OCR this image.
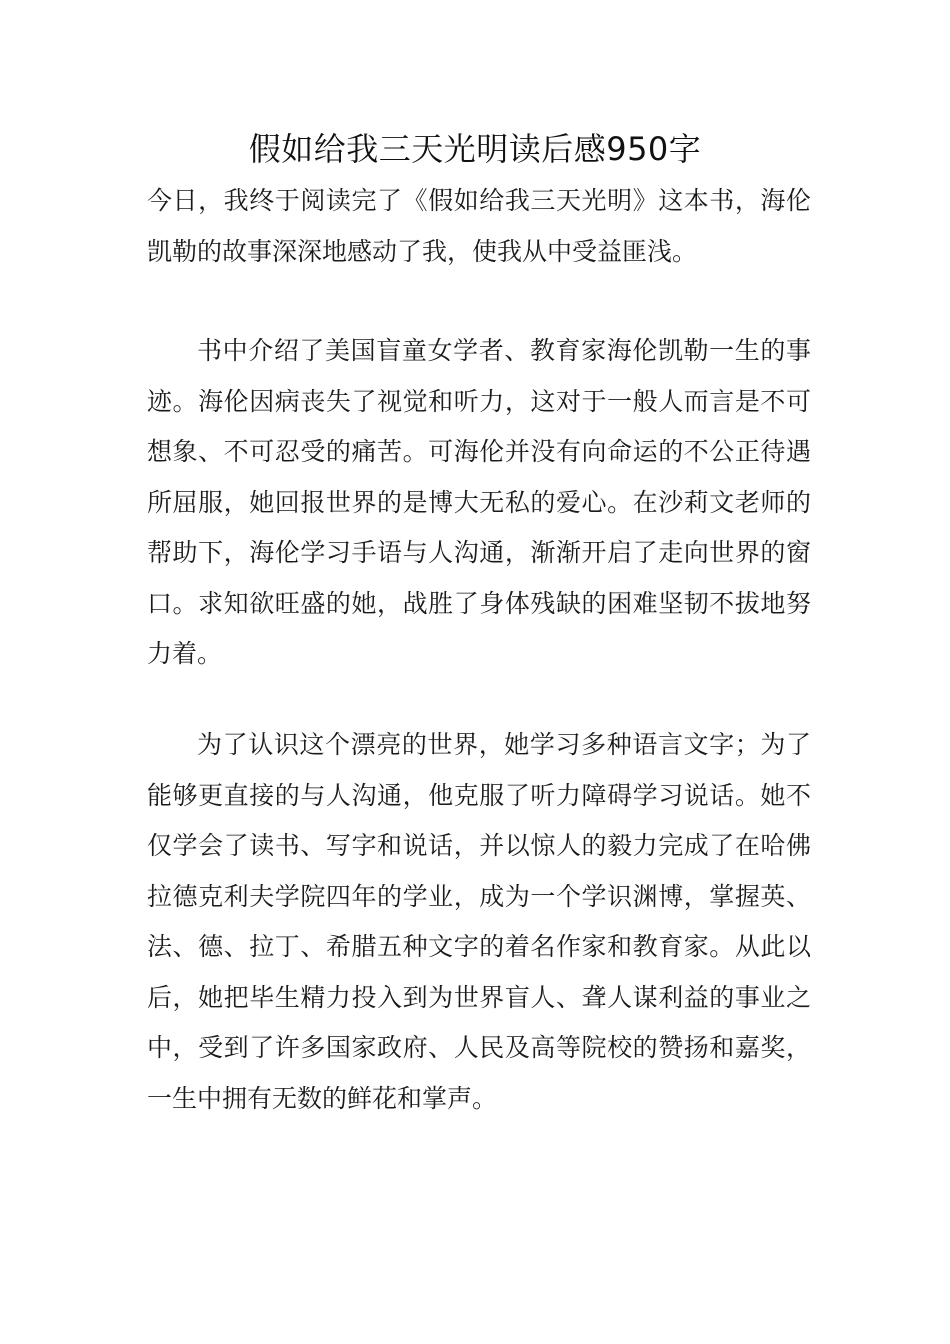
假如给我三天光明读后感950字

今日，我终于阅读完了《假如给我三天光明》这本书，海伦凯勒的故事深深地感动了我，使我从中受益匪浅。

书中介绍了美国盲童女学者、教育家海伦凯勒一生的事迹。海伦因病丧失了视觉和听力，这对于一般人而言是不可想象、不可忍受的痛苦。可海伦并没有向命运的不公正待遇所屈服，她回报世界的是博大无私的爱心。在沙莉文老师的帮助下，海伦学习手语与人沟通，渐渐开启了走向世界的窗口。求知欲旺盛的她，战胜了身体残缺的困难坚韧不拔地努力着。

为了认识这个漂亮的世界，她学习多种语言文字；为了能够更直接的与人沟通，他克服了听力障碍学习说话。她不仅学会了读书、写字和说话，并以惊人的毅力完成了在哈佛拉德克利夫学院四年的学业，成为一个学识渊博，掌握英、法、德、拉丁、希腊五种文字的着名作家和教育家。从此以后，她把毕生精力投入到为世界盲人、聋人谋利益的事业之中，受到了许多国家政府、人民及高等院校的赞扬和嘉奖，一生中拥有无数的鲜花和掌声。
